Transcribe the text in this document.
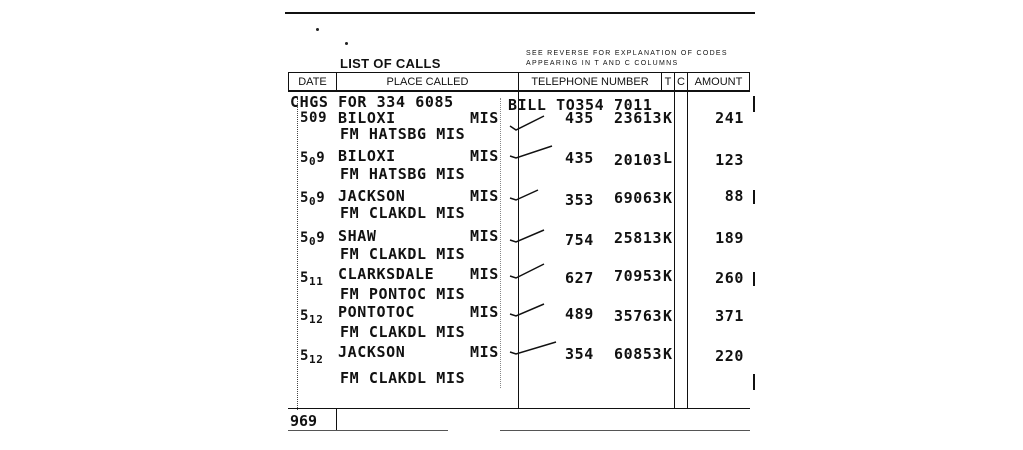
LIST OF CALLS
SEE REVERSE FOR EXPLANATION OF CODES
APPEARING IN T AND C COLUMNS
DATE	PLACE CALLED	TELEPHONE NUMBER	T C AMOUNT
CHGS FOR 334 6085	BILL TO354 7011
509 BILOXI	MIS	435 23613 K	241
FM HATSBG MIS
$5_09$ BILOXI	MIS	435 20103 L	123
FM HATSBG MIS
$5_09$ JACKSON	MIS	353 69063 K	88
FM CLAKDL MIS
$5_09$ SHAW	MIS	754 25813 K	189
FM CLAKDL MIS
$5_{11}$ CLARKSDALE MIS	627 70953 K	260
FM PONTOC MIS
$5_{12}$ PONTOTOC	MIS	489 35763 K	371
FM CLAKDL MIS
$5_{12}$ JACKSON	MIS	354 60853 K	220
FM CLAKDL MIS
969
